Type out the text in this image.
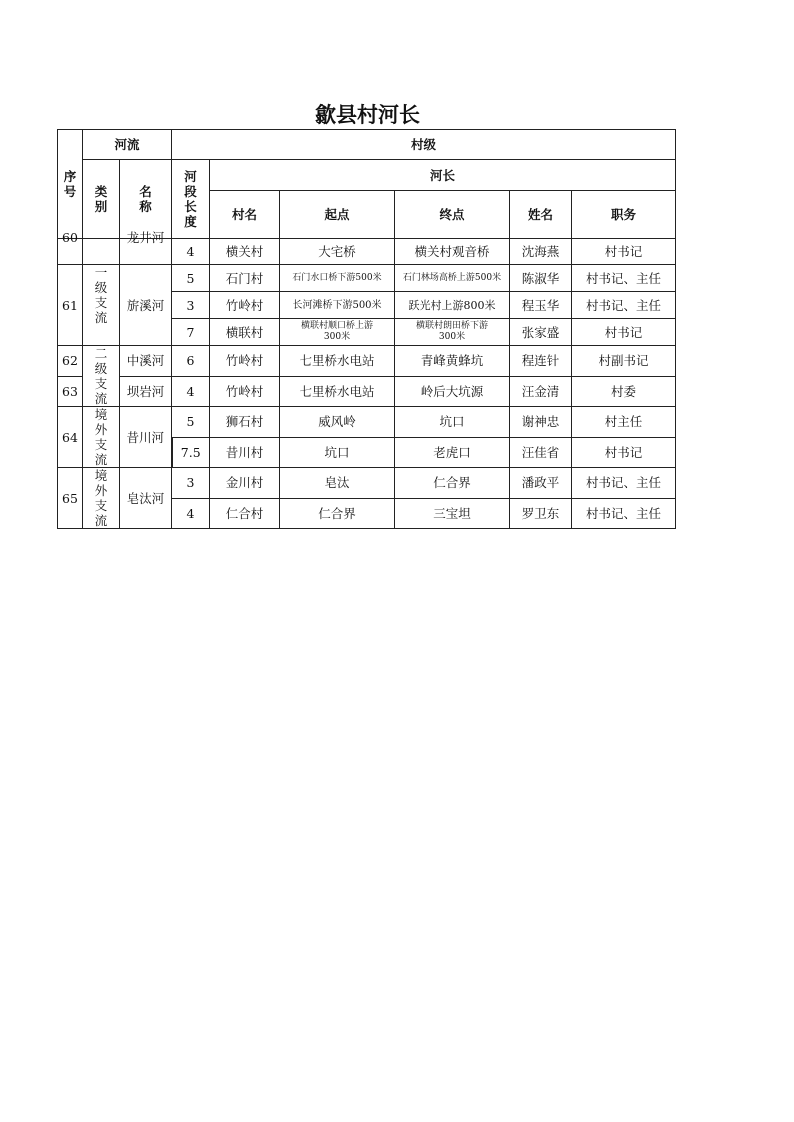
歙县村河长
序号	河流		村级					
	类别	名称	河段长度	河长				
				村名	起点	终点	姓名	职务

60		龙井河	4	横关村	大宅桥	横关村观音桥	沈海燕	村书记
61	一级支流	旂溪河	5	石门村	石门水口桥下游500米	石门林场高桥上游500米	陈淑华	村书记、主任
			3	竹岭村	长河滩桥下游500米	跃光村上游800米	程玉华	村书记、主任
			7	横联村	横联村顺口桥上游300米	横联村朗田桥下游300米	张家盛	村书记
62	二级支流	中溪河	6	竹岭村	七里桥水电站	青峰黄蜂坑	程连针	村副书记
63		坝岩河	4	竹岭村	七里桥水电站	岭后大坑源	汪金清	村委
64	境外支流	昔川河	5	狮石村	威风岭	坑口	谢神忠	村主任
			7.5	昔川村	坑口	老虎口	汪佳省	村书记
65	境外支流	皂汰河	3	金川村	皂汰	仁合界	潘政平	村书记、主任
			4	仁合村	仁合界	三宝坦	罗卫东	村书记、主任
